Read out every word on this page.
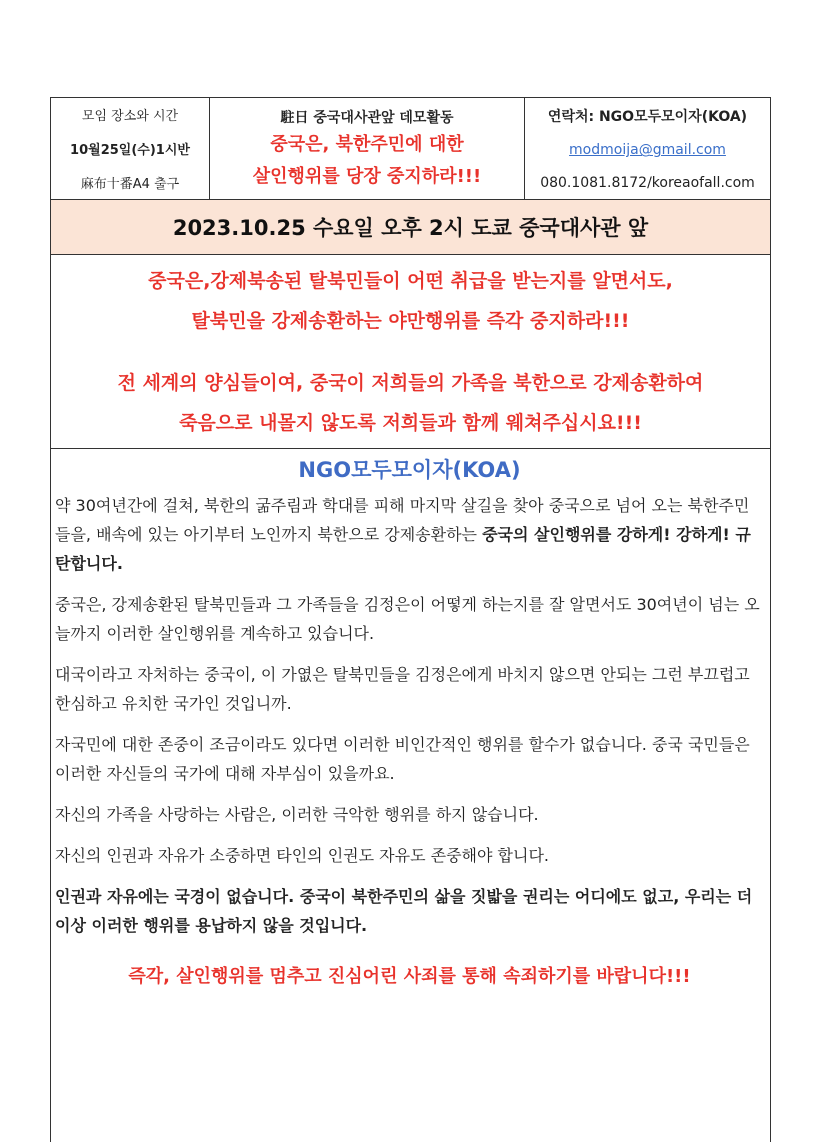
모임 장소와 시간
10월25일(수)1시반
麻布十番A4 출구
駐日 중국대사관앞 데모활동
중국은, 북한주민에 대한
살인행위를 당장 중지하라!!!
연락처: NGO모두모이자(KOA)
modmoija@gmail.com
080.1081.8172/koreaofall.com
2023.10.25 수요일 오후 2시 도쿄 중국대사관 앞

중국은,강제북송된 탈북민들이 어떤 취급을 받는지를 알면서도,

탈북민을 강제송환하는 야만행위를 즉각 중지하라!!!

전 세계의 양심들이여, 중국이 저희들의 가족을 북한으로 강제송환하여

죽음으로 내몰지 않도록 저희들과 함께 웨쳐주십시요!!!

NGO모두모이자(KOA)

약 30여년간에 걸쳐, 북한의 굶주림과 학대를 피해 마지막 살길을 찾아 중국으로 넘어 오는 북한주민들을, 배속에 있는 아기부터 노인까지 북한으로 강제송환하는 중국의 살인행위를 강하게! 강하게! 규탄합니다.

중국은, 강제송환된 탈북민들과 그 가족들을 김정은이 어떻게 하는지를 잘 알면서도 30여년이 넘는 오늘까지 이러한 살인행위를 계속하고 있습니다.

대국이라고 자처하는 중국이, 이 가엾은 탈북민들을 김정은에게 바치지 않으면 안되는 그런 부끄럽고 한심하고 유치한 국가인 것입니까.

자국민에 대한 존중이 조금이라도 있다면 이러한 비인간적인 행위를 할수가 없습니다. 중국 국민들은 이러한 자신들의 국가에 대해 자부심이 있을까요.

자신의 가족을 사랑하는 사람은, 이러한 극악한 행위를 하지 않습니다.

자신의 인권과 자유가 소중하면 타인의 인권도 자유도 존중해야 합니다.

인권과 자유에는 국경이 없습니다. 중국이 북한주민의 삶을 짓밟을 권리는 어디에도 없고, 우리는 더 이상 이러한 행위를 용납하지 않을 것입니다.

즉각, 살인행위를 멈추고 진심어린 사죄를 통해 속죄하기를 바랍니다!!!
